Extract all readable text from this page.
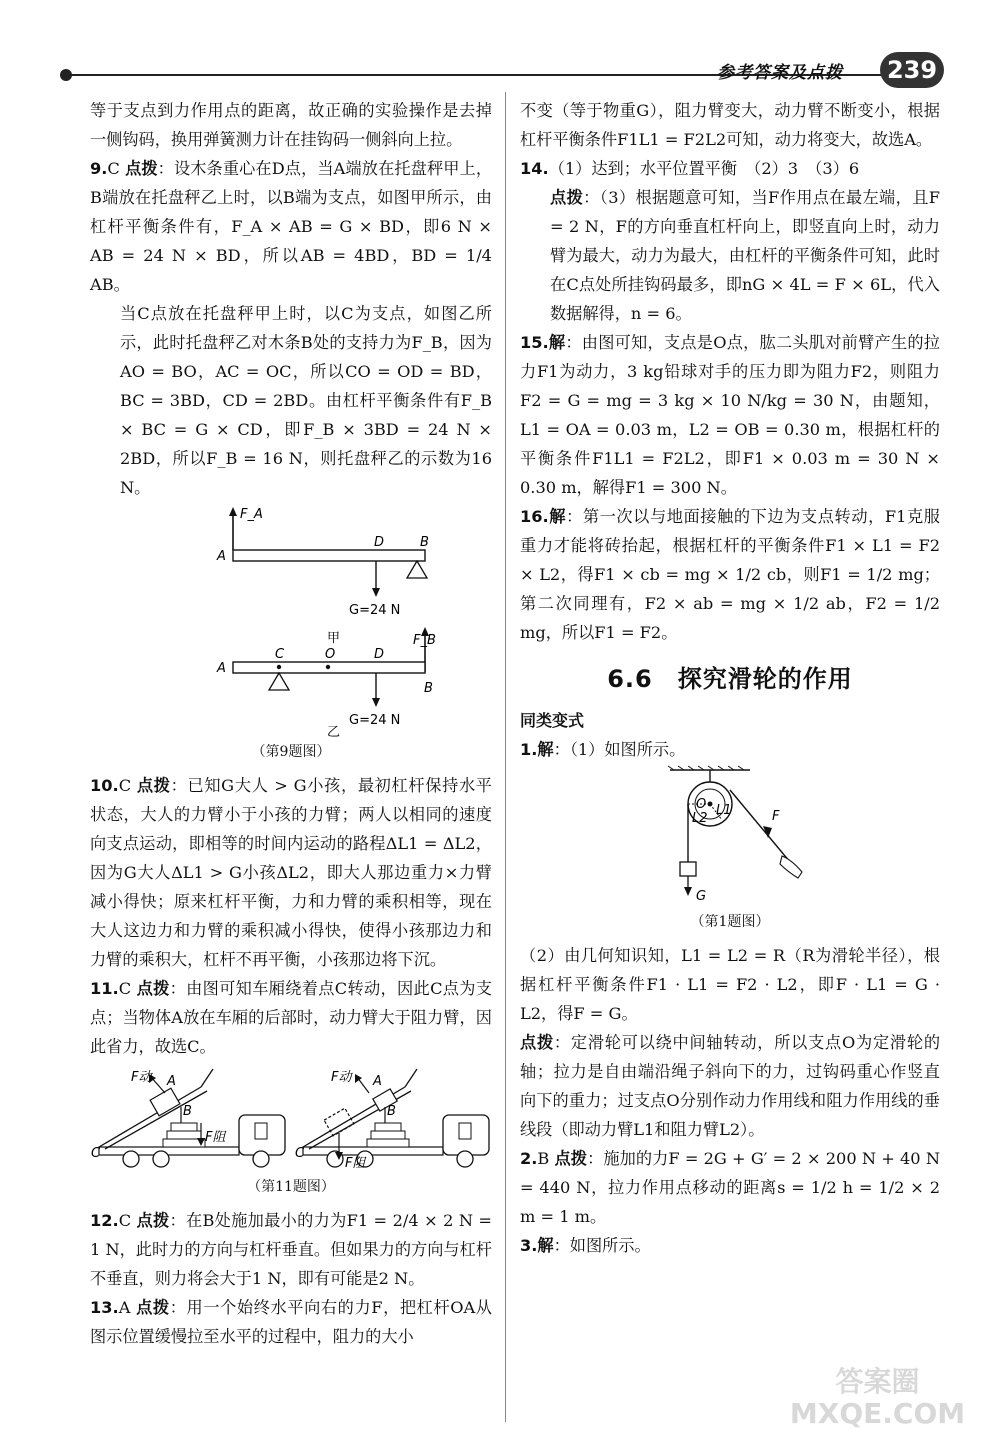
参考答案及点拨 239

等于支点到力作用点的距离，故正确的实验操作是去掉一侧钩码，换用弹簧测力计在挂钩码一侧斜向上拉。

9.C 点拨：设木条重心在D点，当A端放在托盘秤甲上，B端放在托盘秤乙上时，以B端为支点，如图甲所示，由杠杆平衡条件有，F_A × AB = G × BD，即6 N × AB = 24 N × BD，所以AB = 4BD，BD = 1/4 AB。

当C点放在托盘秤甲上时，以C为支点，如图乙所示，此时托盘秤乙对木条B处的支持力为F_B，因为AO = BO，AC = OC，所以CO = OD = BD，BC = 3BD，CD = 2BD。由杠杆平衡条件有F_B × BC = G × CD，即F_B × 3BD = 24 N × 2BD，所以F_B = 16 N，则托盘秤乙的示数为16 N。

F_A
A
D	B
G=24 N
甲	F_B
A
C	O	D
B
G=24 N
乙
（第9题图）

10.C 点拨：已知G大人 > G小孩，最初杠杆保持水平状态，大人的力臂小于小孩的力臂；两人以相同的速度向支点运动，即相等的时间内运动的路程ΔL1 = ΔL2，因为G大人ΔL1 > G小孩ΔL2，即大人那边重力×力臂减小得快；原来杠杆平衡，力和力臂的乘积相等，现在大人这边力和力臂的乘积减小得快，使得小孩那边力和力臂的乘积大，杠杆不再平衡，小孩那边将下沉。

11.C 点拨：由图可知车厢绕着点C转动，因此C点为支点；当物体A放在车厢的后部时，动力臂大于阻力臂，因此省力，故选C。

F动 A
B
F阻
C
F动 A
B
F阻
C
（第11题图）

12.C 点拨：在B处施加最小的力为F1 = 2/4 × 2 N = 1 N，此时力的方向与杠杆垂直。但如果力的方向与杠杆不垂直，则力将会大于1 N，即有可能是2 N。

13.A 点拨：用一个始终水平向右的力F，把杠杆OA从图示位置缓慢拉至水平的过程中，阻力的大小

不变（等于物重G），阻力臂变大，动力臂不断变小，根据杠杆平衡条件F1L1 = F2L2可知，动力将变大，故选A。

14.（1）达到；水平位置平衡　（2）3　（3）6

点拨：（3）根据题意可知，当F作用点在最左端，且F = 2 N，F的方向垂直杠杆向上，即竖直向上时，动力臂为最大，动力为最大，由杠杆的平衡条件可知，此时在C点处所挂钩码最多，即nG × 4L = F × 6L，代入数据解得，n = 6。

15.解：由图可知，支点是O点，肱二头肌对前臂产生的拉力F1为动力，3 kg铅球对手的压力即为阻力F2，则阻力F2 = G = mg = 3 kg × 10 N/kg = 30 N，由题知，L1 = OA = 0.03 m，L2 = OB = 0.30 m，根据杠杆的平衡条件F1L1 = F2L2，即F1 × 0.03 m = 30 N × 0.30 m，解得F1 = 300 N。

16.解：第一次以与地面接触的下边为支点转动，F1克服重力才能将砖抬起，根据杠杆的平衡条件F1 × L1 = F2 × L2，得F1 × cb = mg × 1/2 cb，则F1 = 1/2 mg；第二次同理有，F2 × ab = mg × 1/2 ab，F2 = 1/2 mg，所以F1 = F2。

6.6　探究滑轮的作用

同类变式

1.解：（1）如图所示。

O L1
L2	F
G
（第1题图）

（2）由几何知识知，L1 = L2 = R（R为滑轮半径），根据杠杆平衡条件F1 · L1 = F2 · L2，即F · L1 = G · L2，得F = G。

点拨：定滑轮可以绕中间轴转动，所以支点O为定滑轮的轴；拉力是自由端沿绳子斜向下的力，过钩码重心作竖直向下的重力；过支点O分别作动力作用线和阻力作用线的垂线段（即动力臂L1和阻力臂L2）。

2.B 点拨：施加的力F = 2G + G′ = 2 × 200 N + 40 N = 440 N，拉力作用点移动的距离s = 1/2 h = 1/2 × 2 m = 1 m。

3.解：如图所示。

答案圈
MXQE.COM
